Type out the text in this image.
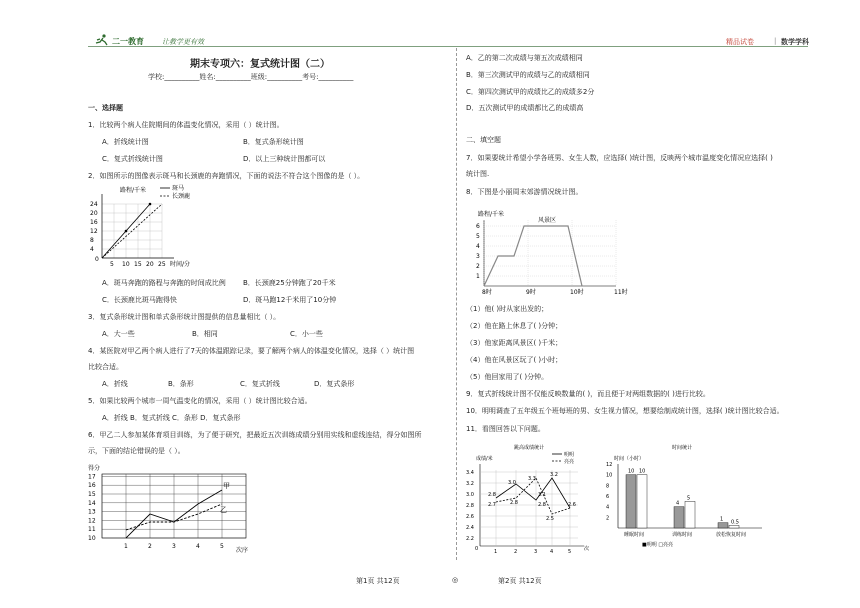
二一教育	让教学更有效	精品试卷	| 数学学科
期末专项六：复式统计图（二）
学校:__________姓名:__________班级:__________考号:__________
一、选择题
1．比较两个病人住院期间的体温变化情况，采用（ ）统计图。
A．折线统计图	B．复式条形统计图
C．复式折线统计图	D．以上三种统计图都可以
2．如图所示的图像表示斑马和长颈鹿的奔跑情况，下面的说法不符合这个图像的是（ ）。
路程/千米
时间/分
斑马
长颈鹿
0
4
8
12
16
20
24
5 10 15 20 25
A．斑马奔跑的路程与奔跑的时间成比例 B．长颈鹿25分钟跑了20千米
C．长颈鹿比斑马跑得快	D．斑马跑12千米用了10分钟
3．复式条形统计图和单式条形统计图提供的信息量相比（ ）。
A．大一些	B．相同	C．小一些
4．某医院对甲乙两个病人进行了7天的体温跟踪记录，要了解两个病人的体温变化情况，选择（ ）统计图
比较合适。
A．折线	B．条形	C．复式折线	D．复式条形
5．如果比较两个城市一周气温变化的情况，采用（ ）统计图比较合适。
A．折线 B．复式折线 C．条形 D．复式条形
6．甲乙二人参加某体育项目训练，为了便于研究，把最近五次训练成绩分别用实线和虚线连结，得分如图所
示，下面的结论错误的是（ ）。
得分
10
11
12
13
14
15
16
17
1	2	3	4	5
次序
甲
乙
A．乙的第二次成绩与第五次成绩相同
B．第三次测试甲的成绩与乙的成绩相同
C．第四次测试甲的成绩比乙的成绩多2分
D．五次测试甲的成绩都比乙的成绩高
二、填空题
7．如果要统计希望小学各班男、女生人数，应选择( )统计图，反映两个城市温度变化情况应选择( )
统计图.
8．下图是小丽周末郊游情况统计图。
路程/千米
1
2
3
4
5
6
8时	9时	10时	11时
风景区
（1）他( )时从家出发的；
（2）他在路上休息了( )分钟；
（3）他家距离风景区( )千米；
（4）他在风景区玩了( )小时；
（5）他回家用了( )分钟。
9．复式折线统计图不仅能反映数量的( )，而且便于对两组数据的( )进行比较。
10．明明调查了五年级五个班每班的男、女生视力情况，想要绘制成统计图，选择( )统计图比较合适。
11．看图回答以下问题。
跳高成绩统计
成绩/米
明明
亮亮
2.2
2.4
2.6
2.8
3.0
3.2
3.4
1	2	3	4	5
0	次
2.8
2.7
3.0
2.8
3.3
3.1
2.8
3.2
2.5
2.6
时间统计
时间（小时）
2
4
6
8
10
12
10 10
4
5
1 0.5
睡眠时间	训练时间	放松恢复时间
■明明 □亮亮
第1页 共12页	◎	第2页 共12页
